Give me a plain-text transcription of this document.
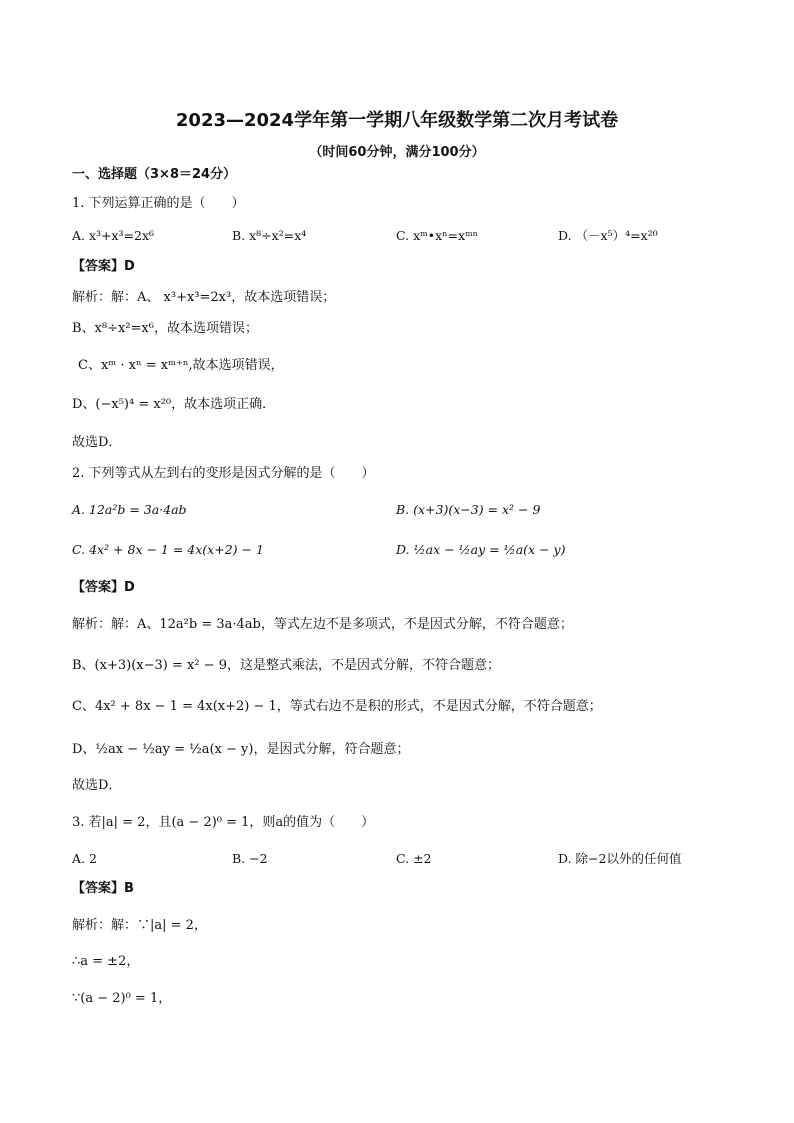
2023—2024学年第一学期八年级数学第二次月考试卷
（时间60分钟，满分100分）
一、选择题（3×8＝24分）
1. 下列运算正确的是（　　）
A. x³+x³=2x⁶	B. x⁸÷x²=x⁴	C. xᵐ•xⁿ=xᵐⁿ	D. （－x⁵）⁴=x²⁰
【答案】D
解析：解：A、 x³+x³=2x³，故本选项错误；
B、x⁸÷x²=x⁶，故本选项错误；
C、xᵐ · xⁿ = xᵐ⁺ⁿ,故本选项错误，
D、(−x⁵)⁴ = x²⁰，故本选项正确．
故选D．
2. 下列等式从左到右的变形是因式分解的是（　　）
A. 12a²b = 3a·4ab	B. (x+3)(x−3) = x² − 9
C. 4x² + 8x − 1 = 4x(x+2) − 1	D. ½ax − ½ay = ½a(x − y)
【答案】D
解析：解：A、12a²b = 3a·4ab，等式左边不是多项式，不是因式分解，不符合题意；
B、(x+3)(x−3) = x² − 9，这是整式乘法，不是因式分解，不符合题意；
C、4x² + 8x − 1 = 4x(x+2) − 1，等式右边不是积的形式，不是因式分解，不符合题意；
D、½ax − ½ay = ½a(x − y)，是因式分解，符合题意；
故选D．
3. 若|a| = 2，且(a − 2)⁰ = 1，则a的值为（　　）
A. 2	B. −2	C. ±2	D. 除−2以外的任何值
【答案】B
解析：解：∵|a| = 2，
∴a = ±2，
∵(a − 2)⁰ = 1，
